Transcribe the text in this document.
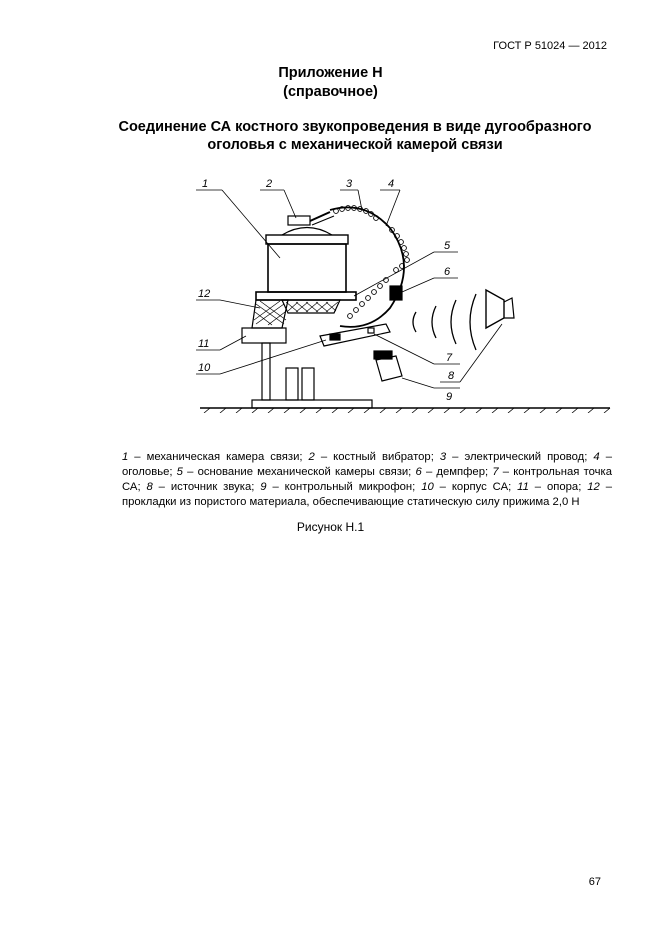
ГОСТ Р 51024 — 2012
Приложение Н
(справочное)
Соединение СА костного звукопроведения в виде дугообразного
оголовья с механической камерой связи
1	2	3	4
5
6
7
8
9
10
11
12
1 – механическая камера связи; 2 – костный вибратор; 3 – электрический провод; 4 – оголовье; 5 – основание механической камеры связи; 6 – демпфер; 7 – контрольная точка СА; 8 – источник звука; 9 – контрольный микрофон; 10 – корпус СА; 11 – опора; 12 – прокладки из пористого материала, обеспечивающие статическую силу прижима 2,0 Н
Рисунок Н.1
67
